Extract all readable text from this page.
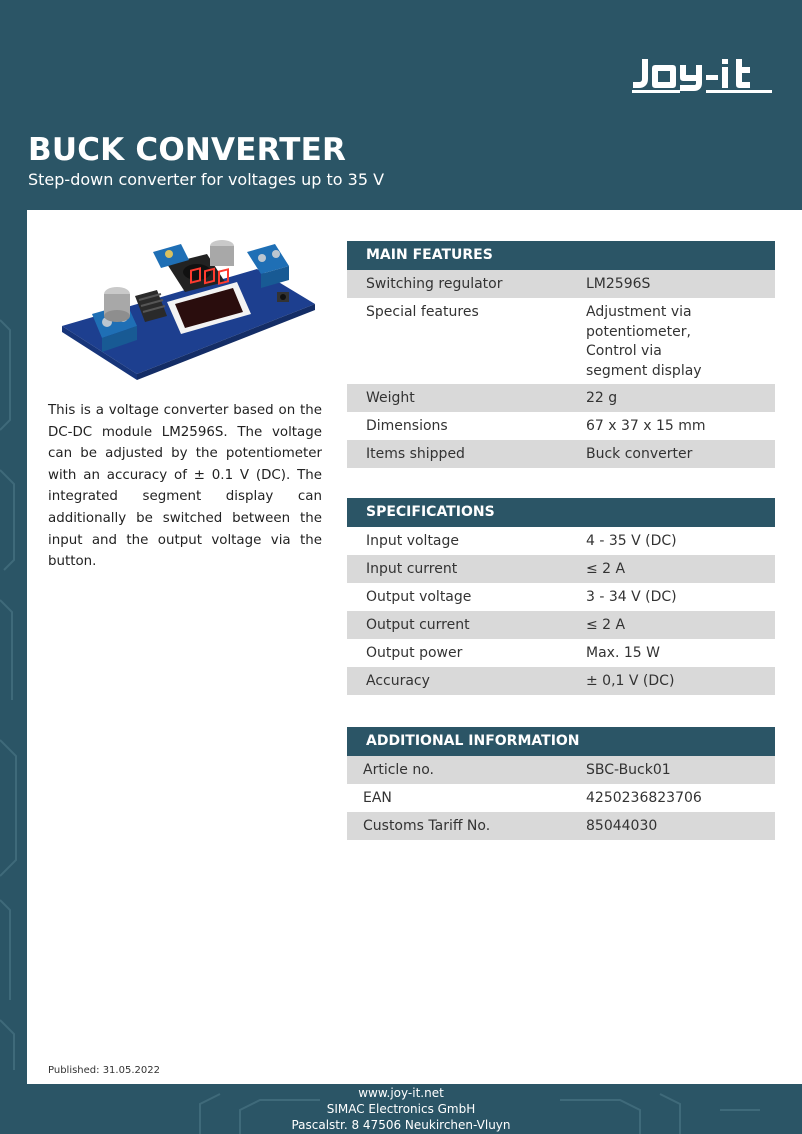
BUCK CONVERTER
Step-down converter for voltages up to 35 V
This is a voltage converter based on the DC-DC module LM2596S. The voltage can be adjusted by the potentiometer with an accuracy of ± 0.1 V (DC). The integrated segment display can additionally be switched between the input and the output voltage via the button.
MAIN FEATURES
Switching regulator	LM2596S
Special features	Adjustment via
potentiometer,
Control via
segment display
Weight	22 g
Dimensions	67 x 37 x 15 mm
Items shipped	Buck converter
SPECIFICATIONS
Input voltage	4 - 35 V (DC)
Input current	≤ 2 A
Output voltage	3 - 34 V (DC)
Output current	≤ 2 A
Output power	Max. 15 W
Accuracy	± 0,1 V (DC)
ADDITIONAL INFORMATION
Article no.	SBC-Buck01
EAN	4250236823706
Customs Tariff No.	85044030
Published: 31.05.2022
www.joy-it.net
SIMAC Electronics GmbH
Pascalstr. 8 47506 Neukirchen-Vluyn
